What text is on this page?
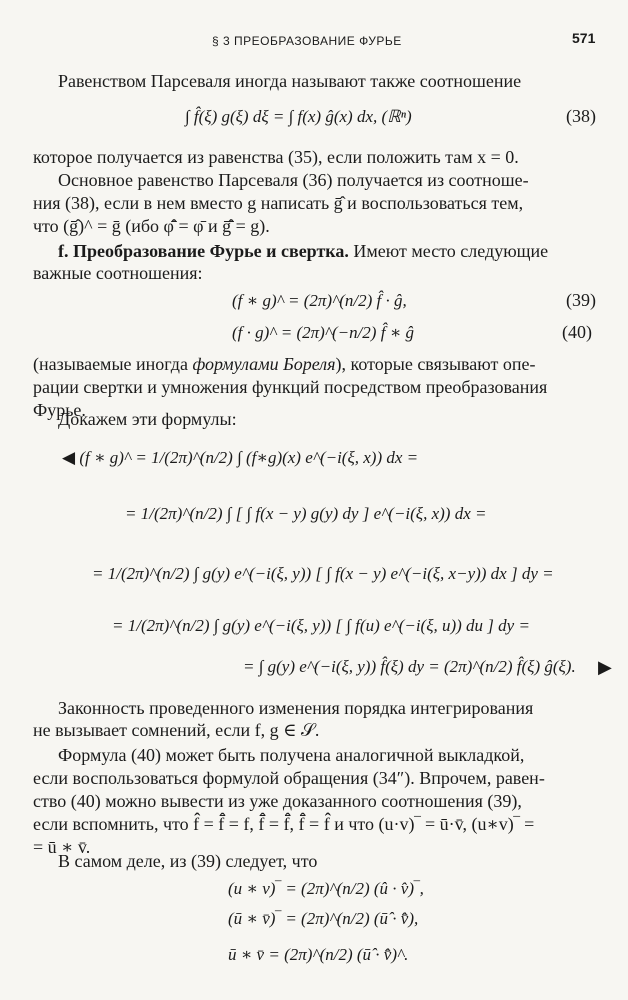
§ 3 ПРЕОБРАЗОВАНИЕ ФУРЬЕ	571
Равенством Парсеваля иногда называют также соотношение
∫ f̂(ξ) g(ξ) dξ = ∫ f(x) ĝ(x) dx, (ℝⁿ)	(38)
которое получается из равенства (35), если положить там x = 0.
Основное равенство Парсеваля (36) получается из соотноше-
ния (38), если в нем вместо g написать ḡ̂ и воспользоваться тем,
что (ḡ̂)^ = ḡ (ибо φ̂̄ = φ̄ и ḡ̂̄ = g).
f. Преобразование Фурье и свертка. Имеют место следующие
важные соотношения:
(f ∗ g)^ = (2π)^(n/2) f̂ · ĝ,	(39)
(f · g)^ = (2π)^(−n/2) f̂ ∗ ĝ	(40)
(называемые иногда формулами Бореля), которые связывают опе-
рации свертки и умножения функций посредством преобразования
Фурье.
Докажем эти формулы:
◀ (f ∗ g)^ = 1/(2π)^(n/2) ∫ (f∗g)(x) e^(−i(ξ, x)) dx =
= 1/(2π)^(n/2) ∫ [ ∫ f(x − y) g(y) dy ] e^(−i(ξ, x)) dx =
= 1/(2π)^(n/2) ∫ g(y) e^(−i(ξ, y)) [ ∫ f(x − y) e^(−i(ξ, x−y)) dx ] dy =
= 1/(2π)^(n/2) ∫ g(y) e^(−i(ξ, y)) [ ∫ f(u) e^(−i(ξ, u)) du ] dy =
= ∫ g(y) e^(−i(ξ, y)) f̂(ξ) dy = (2π)^(n/2) f̂(ξ) ĝ(ξ). ▶
Законность проведенного изменения порядка интегрирования
не вызывает сомнений, если f, g ∈ 𝒮.
Формула (40) может быть получена аналогичной выкладкой,
если воспользоваться формулой обращения (34″). Впрочем, равен-
ство (40) можно вывести из уже доказанного соотношения (39),
если вспомнить, что f̂̂ = f̂̄ = f, f̄̂̄ = f̄̂, f̂̄ = f̂̂ и что (u·v)‾ = ū·v̄, (u∗v)‾ =
= ū ∗ v̄.
В самом деле, из (39) следует, что
(u ∗ v)‾ = (2π)^(n/2) (û · v̂)‾,
(ū ∗ v̄)‾ = (2π)^(n/2) (ū̂ · v̄̂),
ū ∗ v̄ = (2π)^(n/2) (ū̂ · v̄̂)^.
